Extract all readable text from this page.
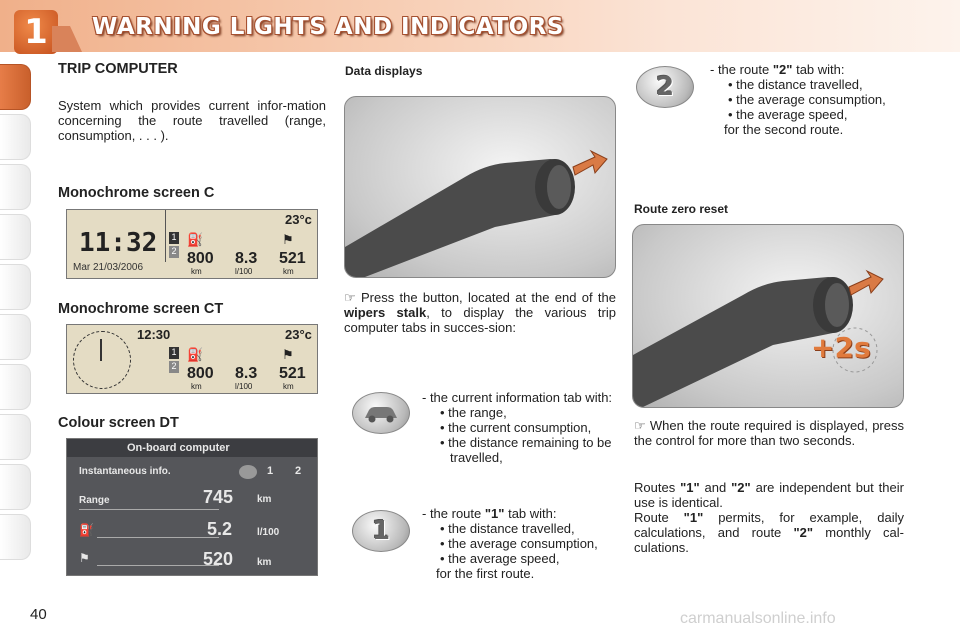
1	WARNING LIGHTS AND INDICATORS
TRIP COMPUTER
System which provides current infor-mation concerning the route travelled (range, consumption, . . . ).
Monochrome screen C
11:32
Mar 21/03/2006
23°c
1
2
⛽	⚑
800 8.3 521
km	l/100	km
Monochrome screen CT
12:30	23°c
1
2
⛽	⚑
800 8.3 521
km	l/100	km
Colour screen DT
On-board computer
Instantaneous info.	1 2
Range	745 km
⛽	5.2 l/100
⚑	520 km
Data displays
☞ Press the button, located at the end of the wipers stalk, to display the various trip computer tabs in succes-sion:
- the current information tab with:
• the range,
• the current consumption,
• the distance remaining to be travelled,
1
- the route "1" tab with:
• the distance travelled,
• the average consumption,
• the average speed,
for the first route.
2
- the route "2" tab with:
• the distance travelled,
• the average consumption,
• the average speed,
for the second route.
Route zero reset
+2s
☞ When the route required is displayed, press the control for more than two seconds.
Routes "1" and "2" are independent but their use is identical.
Route "1" permits, for example, daily calculations, and route "2" monthly cal-culations.
40	carmanualsonline.info
